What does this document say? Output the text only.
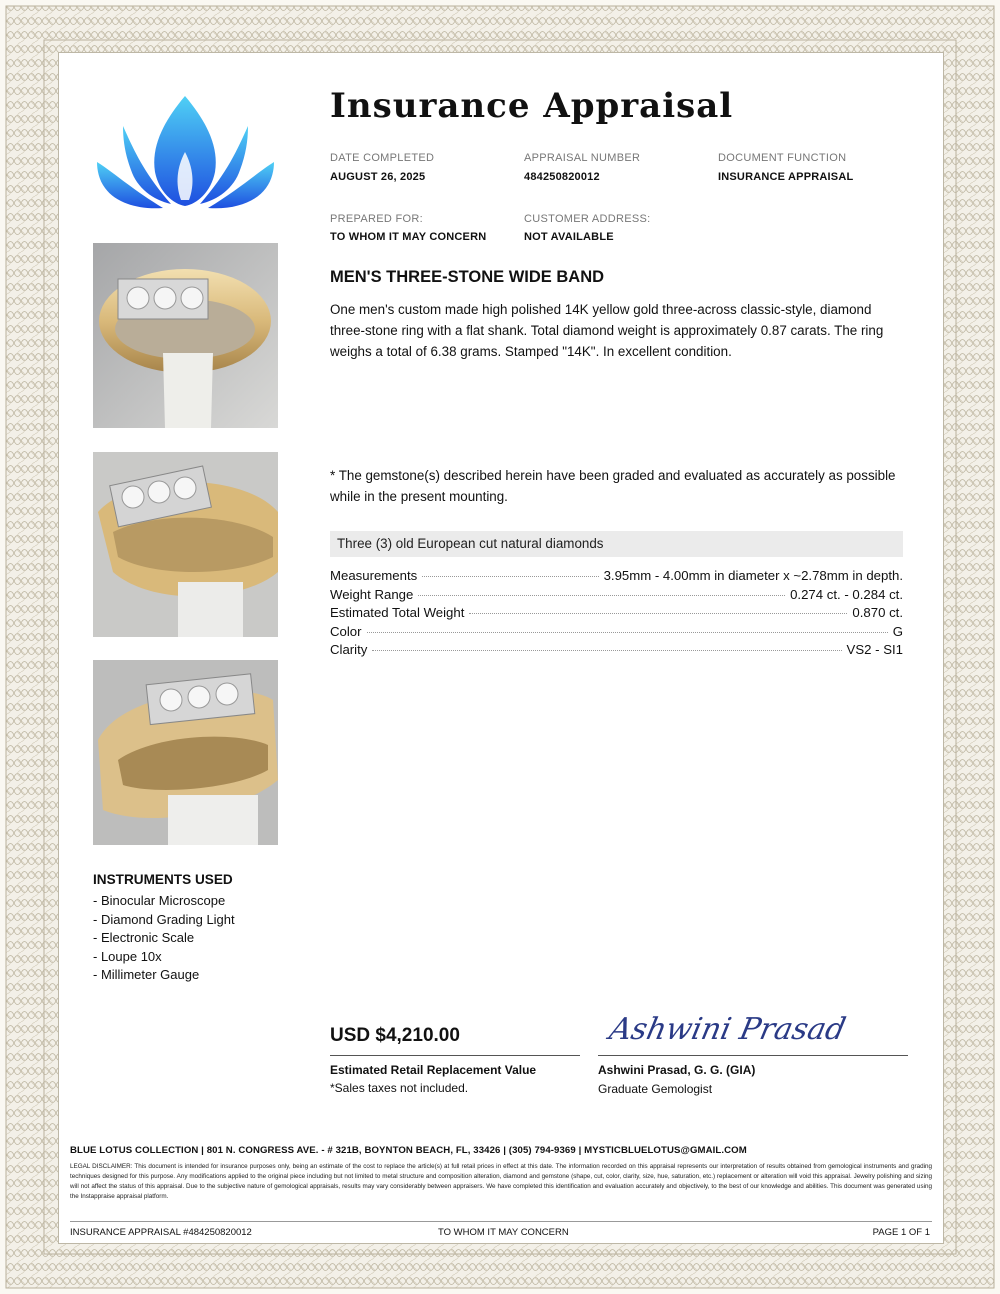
Insurance Appraisal
DATE COMPLETED
AUGUST 26, 2025
APPRAISAL NUMBER
484250820012
DOCUMENT FUNCTION
INSURANCE APPRAISAL
PREPARED FOR:
TO WHOM IT MAY CONCERN
CUSTOMER ADDRESS:
NOT AVAILABLE
MEN'S THREE-STONE WIDE BAND
One men's custom made high polished 14K yellow gold three-across classic-style, diamond three-stone ring with a flat shank. Total diamond weight is approximately 0.87 carats. The ring weighs a total of 6.38 grams. Stamped "14K". In excellent condition.
* The gemstone(s) described herein have been graded and evaluated as accurately as possible while in the present mounting.
Three (3) old European cut natural diamonds
Measurements	3.95mm - 4.00mm in diameter x ~2.78mm in depth.
Weight Range	0.274 ct. - 0.284 ct.
Estimated Total Weight	0.870 ct.
Color	G
Clarity	VS2 - SI1
INSTRUMENTS USED
- Binocular Microscope
- Diamond Grading Light
- Electronic Scale
- Loupe 10x
- Millimeter Gauge
USD $4,210.00
Estimated Retail Replacement Value
*Sales taxes not included.
Ashwini Prasad
Ashwini Prasad, G. G. (GIA)
Graduate Gemologist
BLUE LOTUS COLLECTION | 801 N. CONGRESS AVE. - # 321B, BOYNTON BEACH, FL, 33426 | (305) 794-9369 | MYSTICBLUELOTUS@GMAIL.COM
LEGAL DISCLAIMER: This document is intended for insurance purposes only, being an estimate of the cost to replace the article(s) at full retail prices in effect at this date. The information recorded on this appraisal represents our interpretation of results obtained from gemological instruments and grading techniques designed for this purpose. Any modifications applied to the original piece including but not limited to metal structure and composition alteration, diamond and gemstone (shape, cut, color, clarity, size, hue, saturation, etc.) replacement or alteration will void this appraisal. Jewelry polishing and sizing will not affect the status of this appraisal. Due to the subjective nature of gemological appraisals, results may vary considerably between appraisers. We have completed this identification and evaluation accurately and objectively, to the best of our knowledge and abilities. This document was generated using the Instappraise appraisal platform.
INSURANCE APPRAISAL #484250820012	TO WHOM IT MAY CONCERN	PAGE 1 OF 1
